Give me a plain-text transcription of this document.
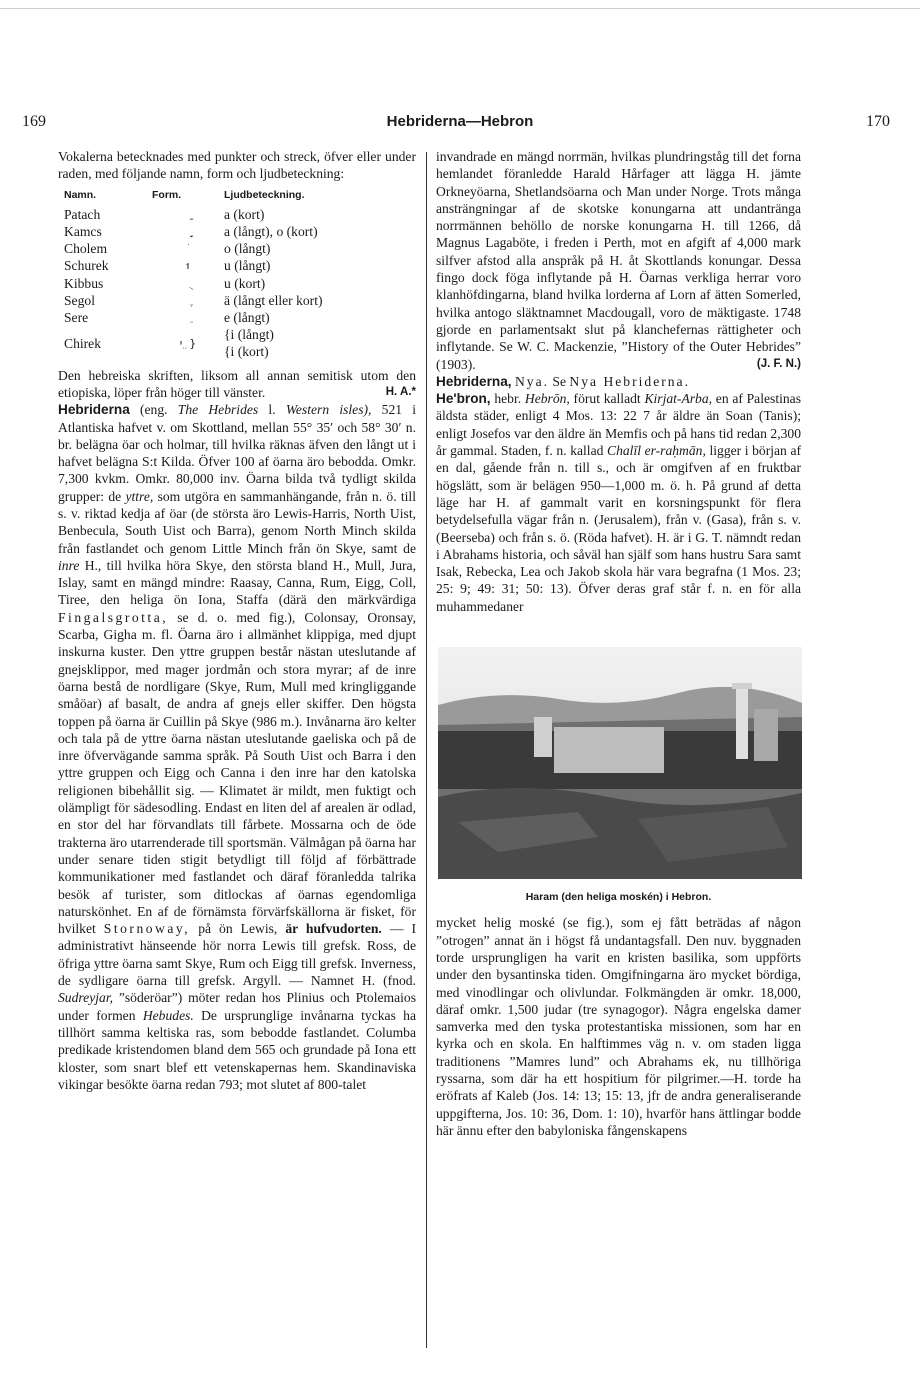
169	Hebriderna—Hebron	170

Vokalerna betecknades med punkter och streck, öfver eller under raden, med följande namn, form och ljudbeteckning:

Namn.	Form.	Ljudbeteckning.
Patach		a (kort)
Kamcs		a (långt), o (kort)
Cholem		o (långt)
Schurek	וּ	u (långt)
Kibbus		u (kort)
Segol		ä (långt eller kort)
Sere		e (långt)
Chirek	ִי }	{i (långt)
{i (kort)

Den hebreiska skriften, liksom all annan semitisk utom den etiopiska, löper från höger till vänster.	H. A.*

Hebriderna (eng. The Hebrides l. Western isles), 521 i Atlantiska hafvet v. om Skottland, mellan 55° 35′ och 58° 30′ n. br. belägna öar och holmar, till hvilka räknas äfven den långt ut i hafvet belägna S:t Kilda. Öfver 100 af öarna äro bebodda. Omkr. 7,300 kvkm. Omkr. 80,000 inv. Öarna bilda två tydligt skilda grupper: de yttre, som utgöra en sammanhängande, från n. ö. till s. v. riktad kedja af öar (de största äro Lewis-Harris, North Uist, Benbecula, South Uist och Barra), genom North Minch skilda från fastlandet och genom Little Minch från ön Skye, samt de inre H., till hvilka höra Skye, den största bland H., Mull, Jura, Islay, samt en mängd mindre: Raasay, Canna, Rum, Eigg, Coll, Tiree, den heliga ön Iona, Staffa (därä den märkvärdiga Fingalsgrotta, se d. o. med fig.), Colonsay, Oronsay, Scarba, Gigha m. fl. Öarna äro i allmänhet klippiga, med djupt inskurna kuster. Den yttre gruppen består nästan uteslutande af gnejsklippor, med mager jordmån och stora myrar; af de inre öarna bestå de nordligare (Skye, Rum, Mull med kringliggande småöar) af basalt, de andra af gnejs eller skiffer. Den högsta toppen på öarna är Cuillin på Skye (986 m.). Invånarna äro kelter och tala på de yttre öarna nästan uteslutande gaeliska och på de inre öfvervägande samma språk. På South Uist och Barra i den yttre gruppen och Eigg och Canna i den inre har den katolska religionen bibehållit sig. — Klimatet är mildt, men fuktigt och olämpligt för sädesodling. Endast en liten del af arealen är odlad, en stor del har förvandlats till fårbete. Mossarna och de öde trakterna äro utarrenderade till sportsmän. Välmågan på öarna har under senare tiden stigit betydligt till följd af förbättrade kommunikationer med fastlandet och däraf föranledda talrika besök af turister, som ditlockas af öarnas egendomliga naturskönhet. En af de förnämsta förvärfskällorna är fisket, för hvilket Stornoway, på ön Lewis, är hufvudorten. — I administrativt hänseende hör norra Lewis till grefsk. Ross, de öfriga yttre öarna samt Skye, Rum och Eigg till grefsk. Inverness, de sydligare öarna till grefsk. Argyll. — Namnet H. (fnod. Sudreyjar, ”söderöar”) möter redan hos Plinius och Ptolemaios under formen Hebudes. De ursprunglige invånarna tyckas ha tillhört samma keltiska ras, som bebodde fastlandet. Columba predikade kristendomen bland dem 565 och grundade på Iona ett kloster, som snart blef ett vetenskapernas hem. Skandinaviska vikingar besökte öarna redan 793; mot slutet af 800-talet

invandrade en mängd norrmän, hvilkas plundringståg till det forna hemlandet föranledde Harald Hårfager att lägga H. jämte Orkneyöarna, Shetlandsöarna och Man under Norge. Trots många ansträngningar af de skotske konungarna att undantränga norrmännen behöllo de norske konungarna H. till 1266, då Magnus Lagaböte, i freden i Perth, mot en afgift af 4,000 mark silfver afstod alla anspråk på H. åt Skottlands konungar. Dessa fingo dock föga inflytande på H. Öarnas verkliga herrar voro klanhöfdingarna, bland hvilka lorderna af Lorn af ätten Somerled, hvilka antogo släktnamnet Macdougall, voro de mäktigaste. 1748 gjorde en parlamentsakt slut på klanchefernas rättigheter och inflytande. Se W. C. Mackenzie, ”History of the Outer Hebrides” (1903).	(J. F. N.)

Hebriderna, Nya. Se Nya Hebriderna.

He'bron, hebr. Hebrōn, förut kalladt Kirjat-Arba, en af Palestinas äldsta städer, enligt 4 Mos. 13: 22 7 år äldre än Soan (Tanis); enligt Josefos var den äldre än Memfis och på hans tid redan 2,300 år gammal. Staden, f. n. kallad Chalīl er-raḥmān, ligger i början af en dal, gående från n. till s., och är omgifven af en fruktbar högslätt, som är belägen 950—1,000 m. ö. h. På grund af detta läge har H. af gammalt varit en korsningspunkt för flera betydelsefulla vägar från n. (Jerusalem), från v. (Gasa), från s. v. (Beerseba) och från s. ö. (Röda hafvet). H. är i G. T. nämndt redan i Abrahams historia, och såväl han själf som hans hustru Sara samt Isak, Rebecka, Lea och Jakob skola här vara begrafna (1 Mos. 23; 25: 9; 49: 31; 50: 13). Öfver deras graf står f. n. en för alla muhammedaner

Haram (den heliga moskén) i Hebron.

mycket helig moské (se fig.), som ej fått beträdas af någon ”otrogen” annat än i högst få undantagsfall. Den nuv. byggnaden torde ursprungligen ha varit en kristen basilika, som uppförts under den bysantinska tiden. Omgifningarna äro mycket bördiga, med vinodlingar och olivlundar. Folkmängden är omkr. 18,000, däraf omkr. 1,500 judar (tre synagogor). Några engelska damer samverka med den tyska protestantiska missionen, som har en kyrka och en skola. En halftimmes väg n. v. om staden ligga traditionens ”Mamres lund” och Abrahams ek, nu tillhöriga ryssarna, som där ha ett hospitium för pilgrimer.—H. torde ha eröfrats af Kaleb (Jos. 14: 13; 15: 13, jfr de andra generaliserande uppgifterna, Jos. 10: 36, Dom. 1: 10), hvarför hans ättlingar bodde här ännu efter den babyloniska fångenskapens
